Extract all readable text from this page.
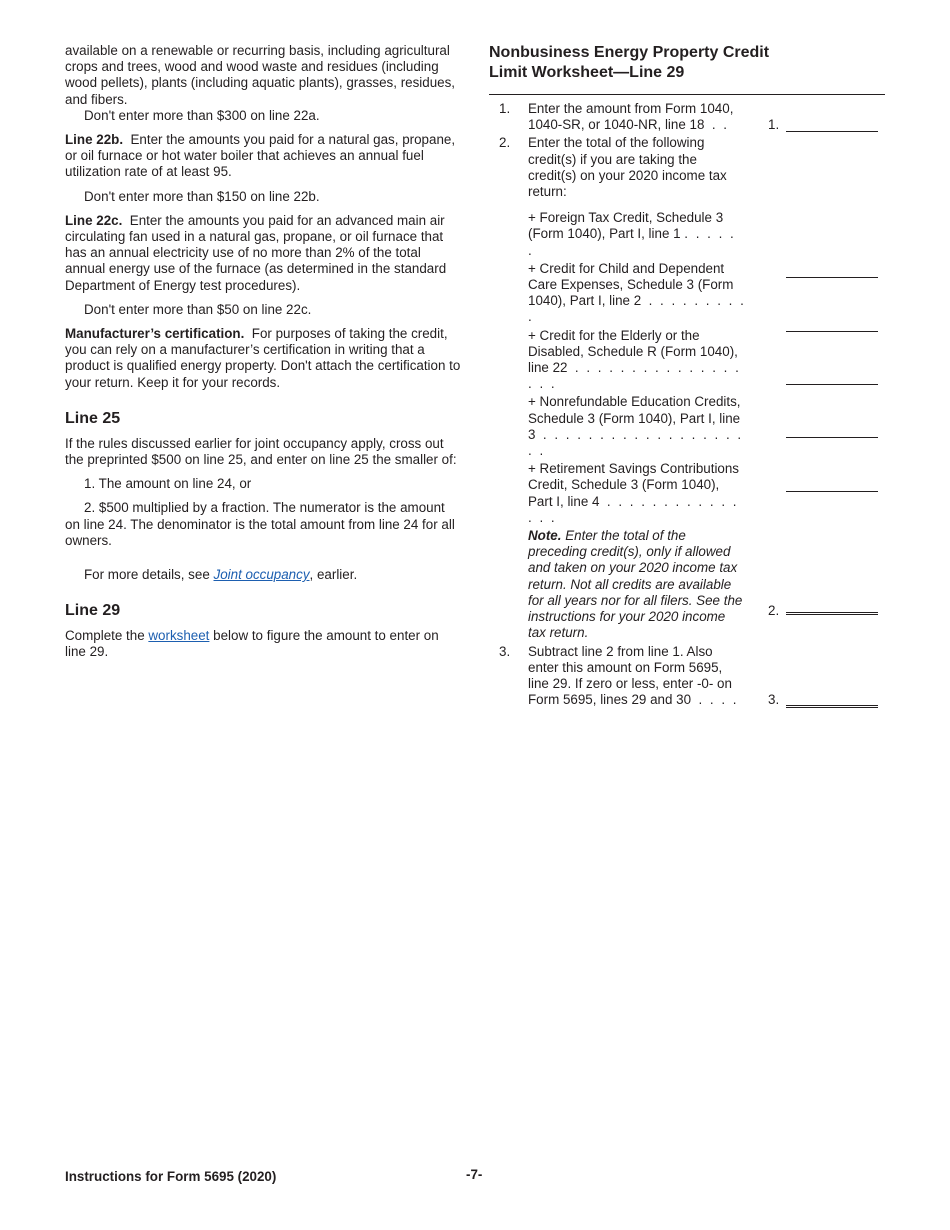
available on a renewable or recurring basis, including agricultural crops and trees, wood and wood waste and residues (including wood pellets), plants (including aquatic plants), grasses, residues, and fibers.

Don't enter more than $300 on line 22a.

Line 22b. Enter the amounts you paid for a natural gas, propane, or oil furnace or hot water boiler that achieves an annual fuel utilization rate of at least 95.

Don't enter more than $150 on line 22b.

Line 22c. Enter the amounts you paid for an advanced main air circulating fan used in a natural gas, propane, or oil furnace that has an annual electricity use of no more than 2% of the total annual energy use of the furnace (as determined in the standard Department of Energy test procedures).

Don't enter more than $50 on line 22c.

Manufacturer’s certification. For purposes of taking the credit, you can rely on a manufacturer’s certification in writing that a product is qualified energy property. Don't attach the certification to your return. Keep it for your records.

Line 25

If the rules discussed earlier for joint occupancy apply, cross out the preprinted $500 on line 25, and enter on line 25 the smaller of:

1. The amount on line 24, or

2. $500 multiplied by a fraction. The numerator is the amount on line 24. The denominator is the total amount from line 24 for all owners.

For more details, see Joint occupancy, earlier.

Line 29

Complete the worksheet below to figure the amount to enter on line 29.

Nonbusiness Energy Property Credit
Limit Worksheet—Line 29
1.	Enter the amount from Form 1040, 1040-SR, or 1040-NR, line 18 . .	1.
2.	Enter the total of the following credit(s) if you are taking the credit(s) on your 2020 income tax return:
+ Foreign Tax Credit, Schedule 3 (Form 1040), Part I, line 1 . . . . . .
+ Credit for Child and Dependent Care Expenses, Schedule 3 (Form 1040), Part I, line 2 . . . . . . . . . .
+ Credit for the Elderly or the Disabled, Schedule R (Form 1040), line 22 . . . . . . . . . . . . . . . . . .
+ Nonrefundable Education Credits, Schedule 3 (Form 1040), Part I, line 3 . . . . . . . . . . . . . . . . . . . .
+ Retirement Savings Contributions Credit, Schedule 3 (Form 1040), Part I, line 4 . . . . . . . . . . . . . . .
Note. Enter the total of the preceding credit(s), only if allowed and taken on your 2020 income tax return. Not all credits are available for all years nor for all filers. See the instructions for your 2020 income tax return.
2.
3.	Subtract line 2 from line 1. Also enter this amount on Form 5695, line 29. If zero or less, enter -0- on Form 5695, lines 29 and 30 . . . .	3.
Instructions for Form 5695 (2020)	-7-
